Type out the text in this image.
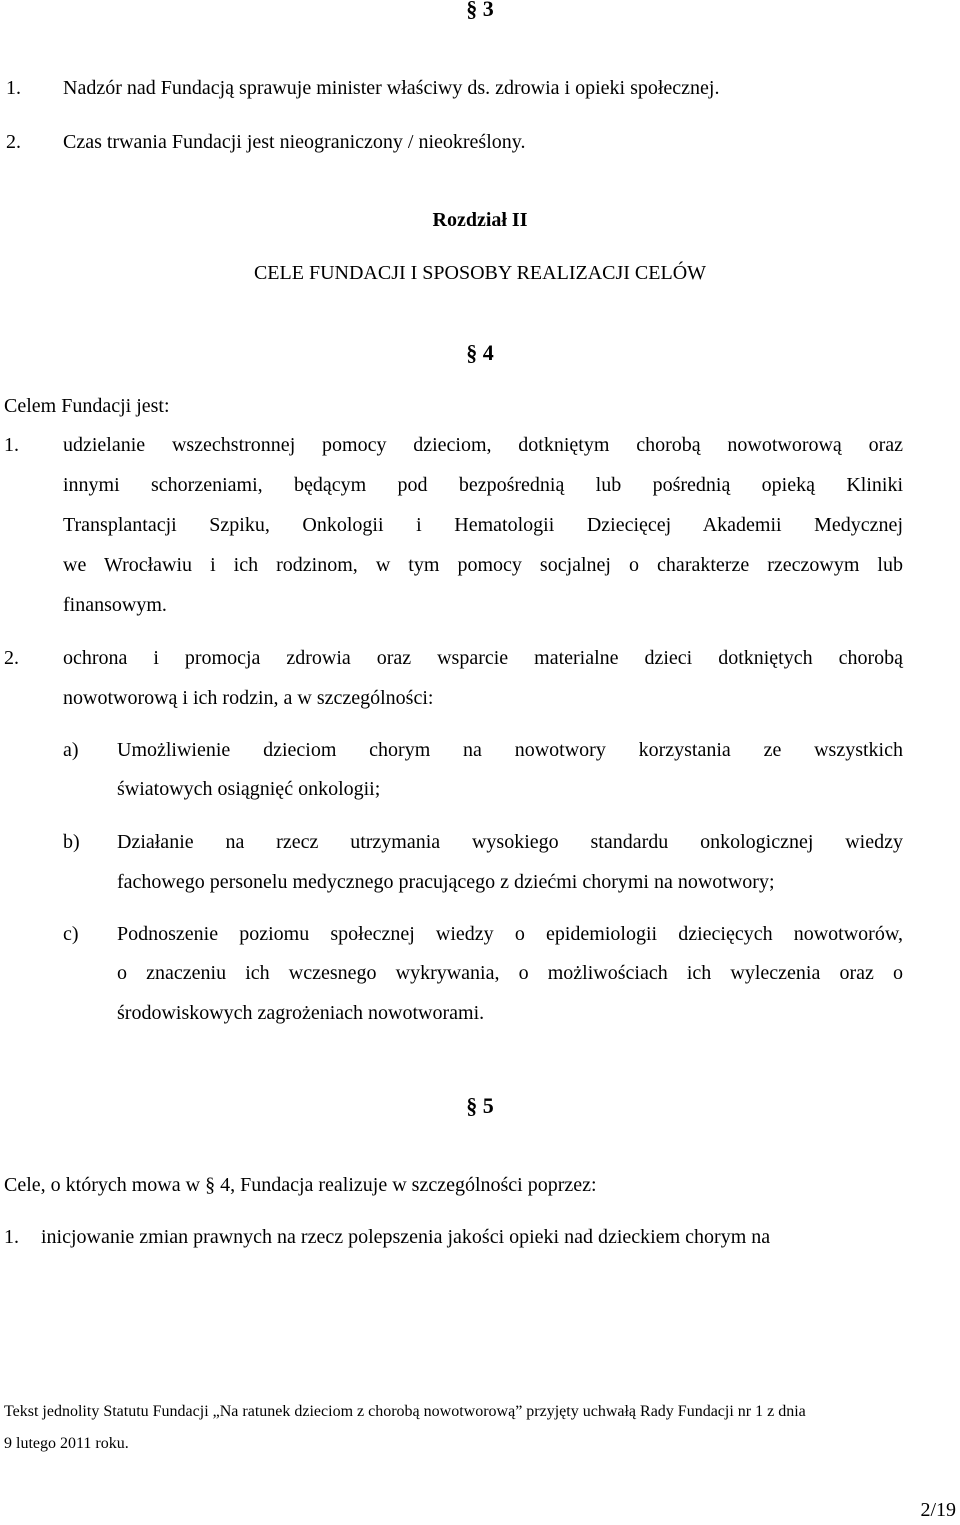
§ 3
1. Nadzór nad Fundacją sprawuje minister właściwy ds. zdrowia i opieki społecznej.
2. Czas trwania Fundacji jest nieograniczony / nieokreślony.
Rozdział II
CELE FUNDACJI I SPOSOBY REALIZACJI CELÓW
§ 4
Celem Fundacji jest:
1. udzielanie wszechstronnej pomocy dzieciom, dotkniętym chorobą nowotworową oraz
innymi schorzeniami, będącym pod bezpośrednią lub pośrednią opieką Kliniki
Transplantacji Szpiku, Onkologii i Hematologii Dziecięcej Akademii Medycznej
we Wrocławiu i ich rodzinom, w tym pomocy socjalnej o charakterze rzeczowym lub
finansowym.
2. ochrona i promocja zdrowia oraz wsparcie materialne dzieci dotkniętych chorobą
nowotworową i ich rodzin, a w szczególności:
a) Umożliwienie dzieciom chorym na nowotwory korzystania ze wszystkich
światowych osiągnięć onkologii;
b) Działanie na rzecz utrzymania wysokiego standardu onkologicznej wiedzy
fachowego personelu medycznego pracującego z dziećmi chorymi na nowotwory;
c) Podnoszenie poziomu społecznej wiedzy o epidemiologii dziecięcych nowotworów,
o znaczeniu ich wczesnego wykrywania, o możliwościach ich wyleczenia oraz o
środowiskowych zagrożeniach nowotworami.
§ 5
Cele, o których mowa w § 4, Fundacja realizuje w szczególności poprzez:
1. inicjowanie zmian prawnych na rzecz polepszenia jakości opieki nad dzieckiem chorym na
Tekst jednolity Statutu Fundacji „Na ratunek dzieciom z chorobą nowotworową” przyjęty uchwałą Rady Fundacji nr 1 z dnia
9 lutego 2011 roku.
2/19
